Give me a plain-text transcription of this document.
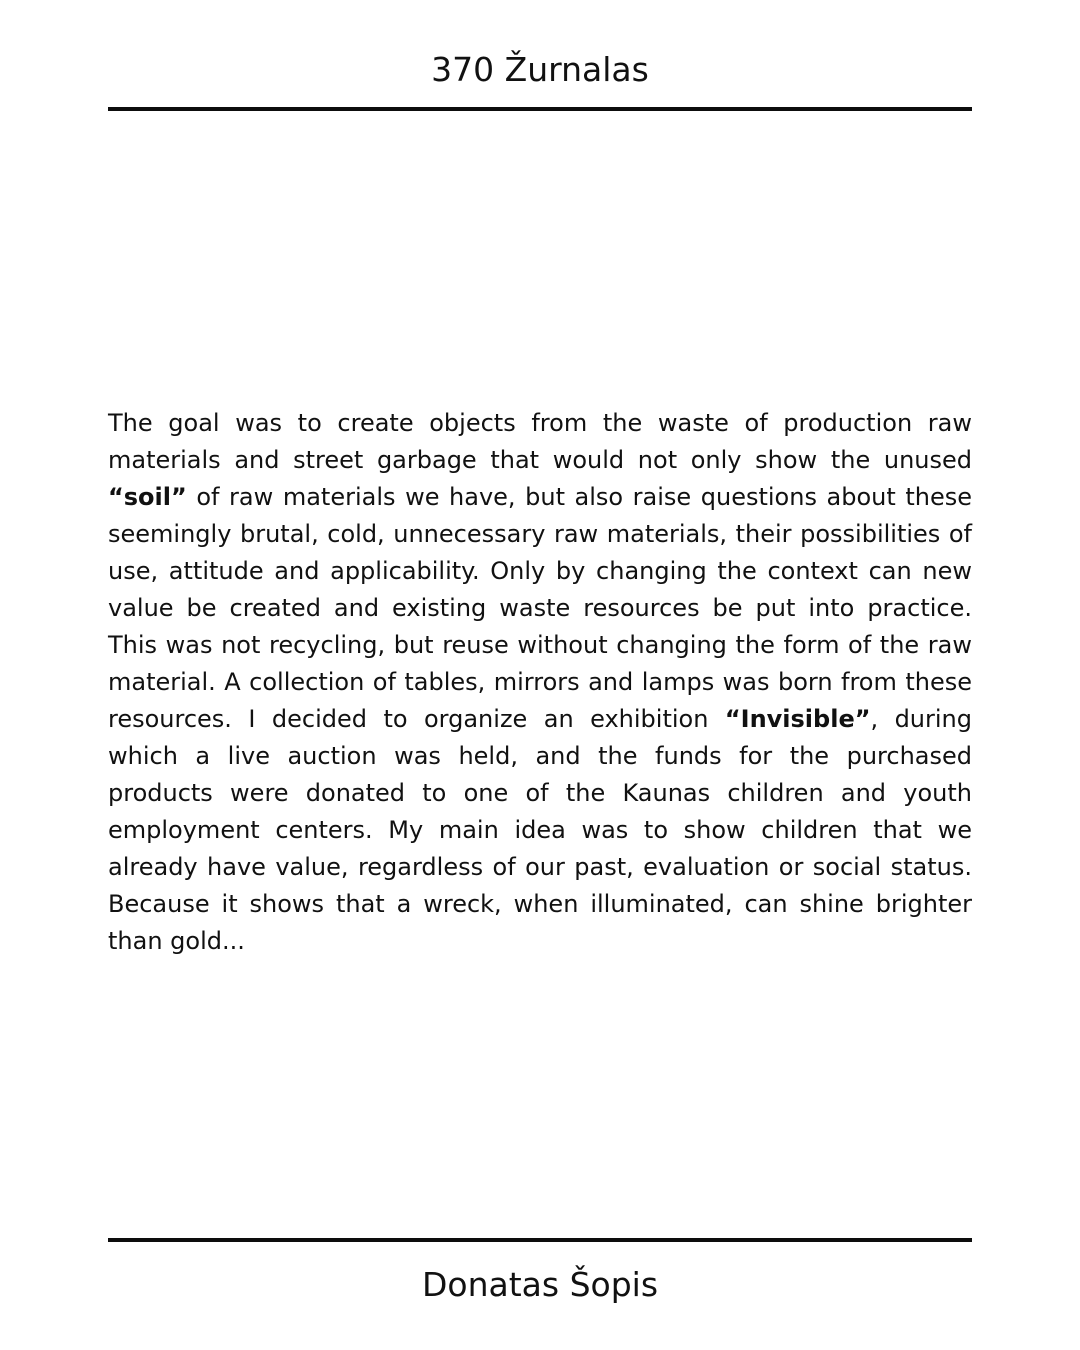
370 Žurnalas

The goal was to create objects from the waste of production raw materials and street garbage that would not only show the unused “soil” of raw materials we have, but also raise questions about these seemingly brutal, cold, unnecessary raw materials, their possibilities of use, attitude and applicability. Only by changing the context can new value be created and existing waste resources be put into practice. This was not recycling, but reuse without changing the form of the raw material. A collection of tables, mirrors and lamps was born from these resources. I decided to organize an exhibition “Invisible”, during which a live auction was held, and the funds for the purchased products were donated to one of the Kaunas children and youth employment centers. My main idea was to show children that we already have value, regardless of our past, evaluation or social status. Because it shows that a wreck, when illuminated, can shine brighter than gold...

Donatas Šopis
